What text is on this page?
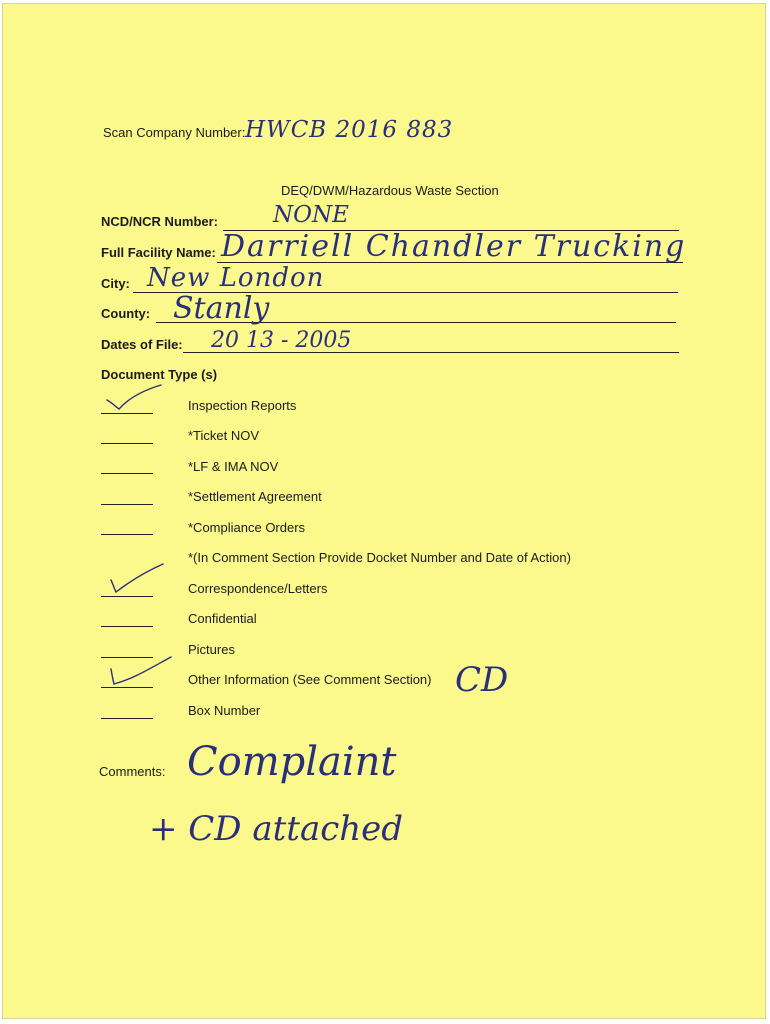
Scan Company Number: HWCB 2016 883
DEQ/DWM/Hazardous Waste Section
NCD/NCR Number: NONE
Full Facility Name: Darriell Chandler Trucking
City: New London
County: Stanly
Dates of File: 20 13 - 2005
Document Type (s)
Inspection Reports
*Ticket NOV
*LF & IMA NOV
*Settlement Agreement
*Compliance Orders
*(In Comment Section Provide Docket Number and Date of Action)
Correspondence/Letters
Confidential
Pictures
Other Information (See Comment Section) CD
Box Number
Comments: Complaint
+ CD attached
